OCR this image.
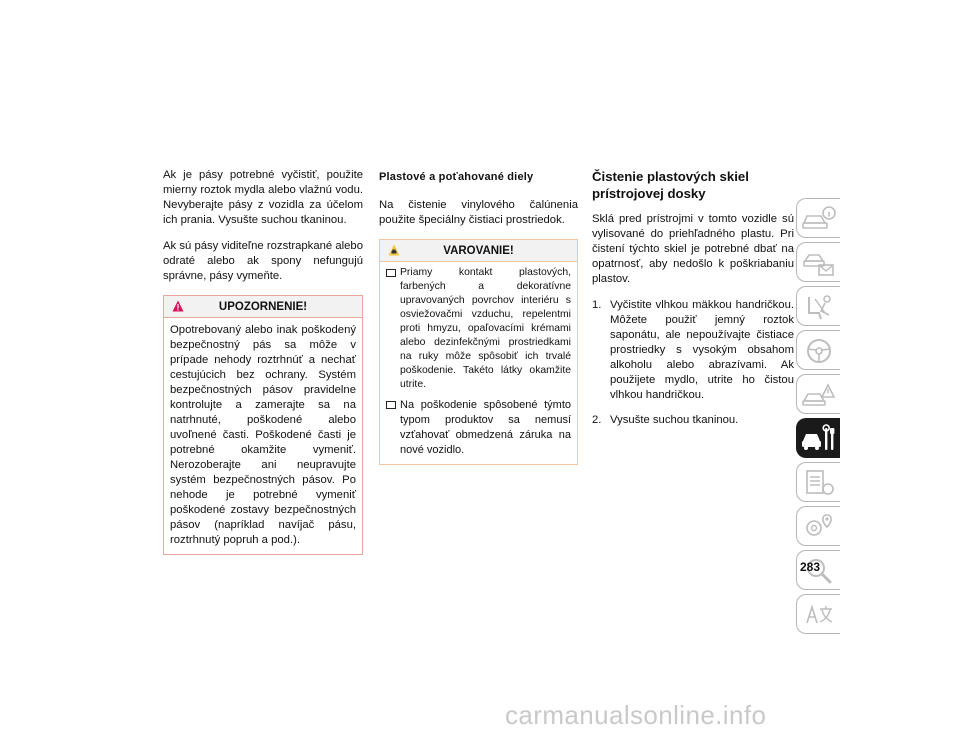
Ak je pásy potrebné vyčistiť, použite mierny roztok mydla alebo vlažnú vodu. Nevyberajte pásy z vozidla za účelom ich prania. Vysušte suchou tkaninou.

Ak sú pásy viditeľne rozstrapkané alebo odraté alebo ak spony nefungujú správne, pásy vymeňte.

UPOZORNENIE!

Opotrebovaný alebo inak poškodený bezpečnostný pás sa môže v prípade nehody roztrhnúť a nechať cestujúcich bez ochrany. Systém bezpečnostných pásov pravidelne kontrolujte a zamerajte sa na natrhnuté, poškodené alebo uvoľnené časti. Poškodené časti je potrebné okamžite vymeniť. Nerozoberajte ani neupravujte systém bezpečnostných pásov. Po nehode je potrebné vymeniť poškodené zostavy bezpečnostných pásov (napríklad navíjač pásu, roztrhnutý popruh a pod.).

Plastové a poťahované diely

Na čistenie vinylového čalúnenia použite špeciálny čistiaci prostriedok.

VAROVANIE!
Priamy kontakt plastových, farbených a dekoratívne upravovaných povrchov interiéru s osviežovačmi vzduchu, repelentmi proti hmyzu, opaľovacími krémami alebo dezinfekčnými prostriedkami na ruky môže spôsobiť ich trvalé poškodenie. Takéto látky okamžite utrite.
Na poškodenie spôsobené týmto typom produktov sa nemusí vzťahovať obmedzená záruka na nové vozidlo.
Čistenie plastových skiel prístrojovej dosky

Sklá pred prístrojmi v tomto vozidle sú vylisované do priehľadného plastu. Pri čistení týchto skiel je potrebné dbať na opatrnosť, aby nedošlo k poškriabaniu plastov.

1. Vyčistite vlhkou mäkkou handričkou. Môžete použiť jemný roztok saponátu, ale nepoužívajte čistiace prostriedky s vysokým obsahom alkoholu alebo abrazívami. Ak použijete mydlo, utrite ho čistou vlhkou handričkou.
2. Vysušte suchou tkaninou.
283
carmanualsonline.info
